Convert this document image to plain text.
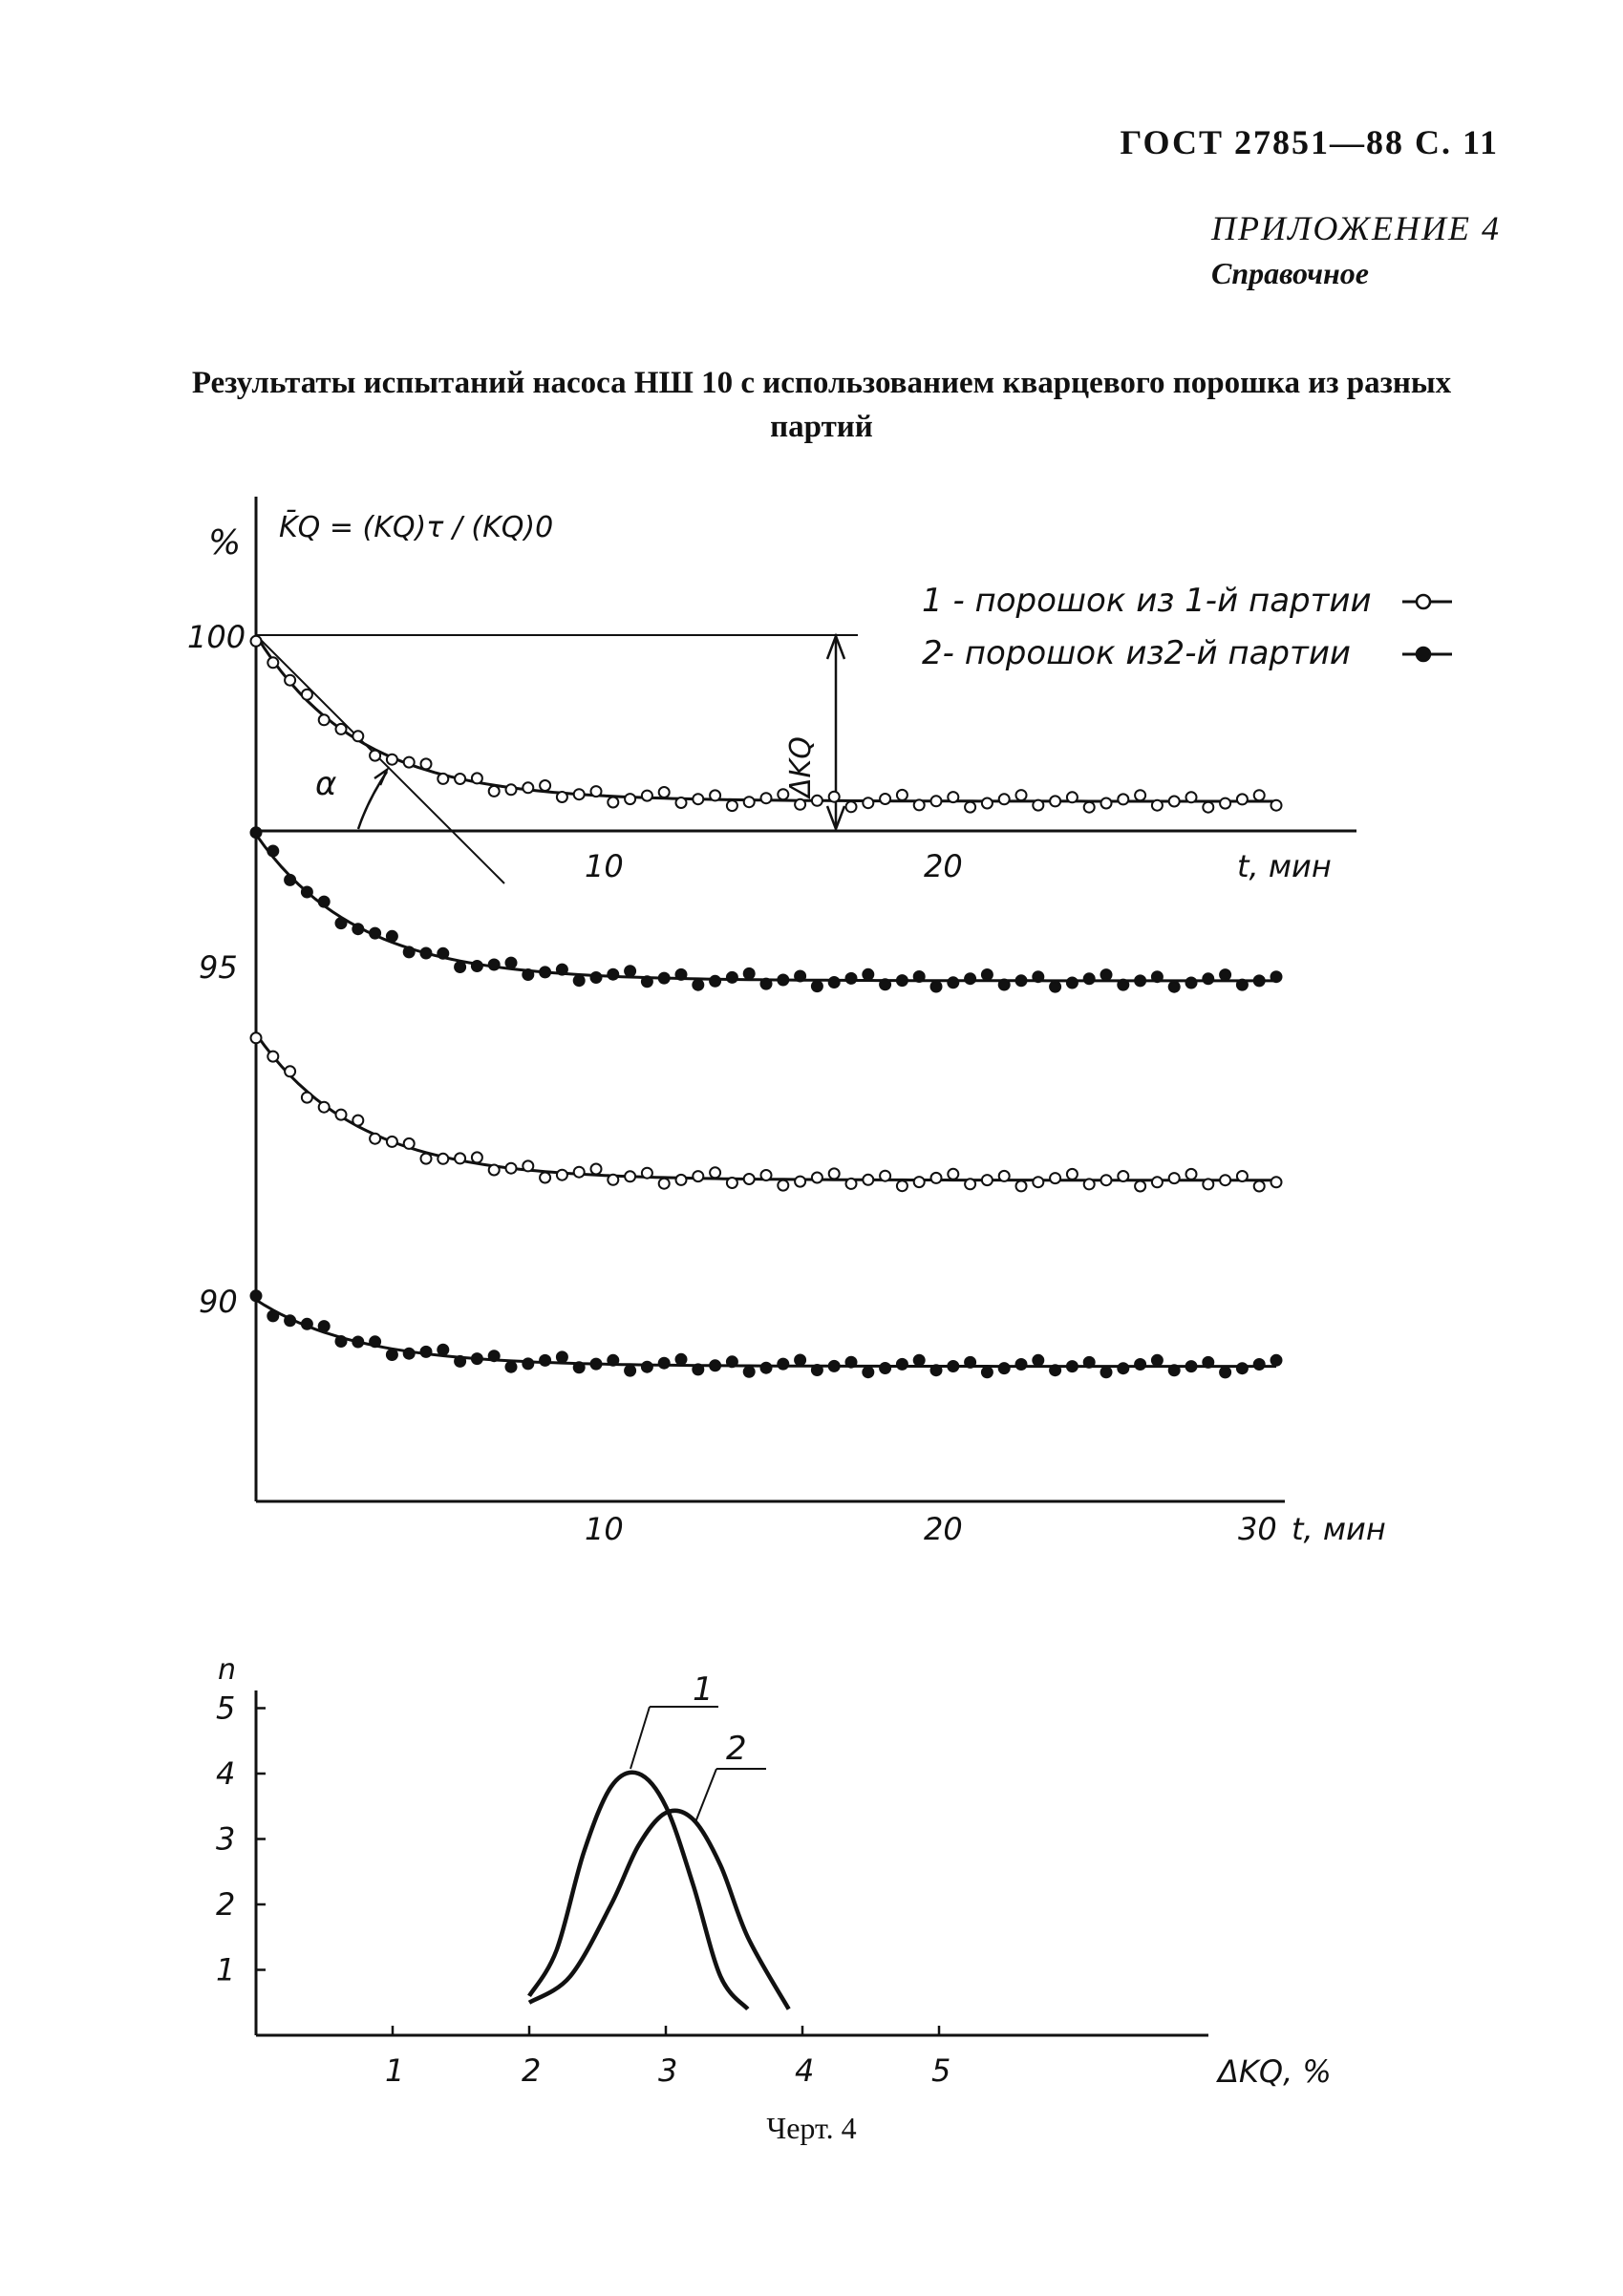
ГОСТ 27851—88 С. 11
ПРИЛОЖЕНИЕ 4
Справочное
Результаты испытаний насоса НШ 10 с использованием кварцевого порошка из разных партий
% K̄Q = (KQ)τ / (KQ)0
100
95
90
10	20	t, мин
10	20	30 t, мин
ΔKQ
α
1 - порошок из 1-й партии
2- порошок из2-й партии
n
ΔKQ, %
1
2
1	2	3	4	5
1
2
3
4
5
Черт. 4
